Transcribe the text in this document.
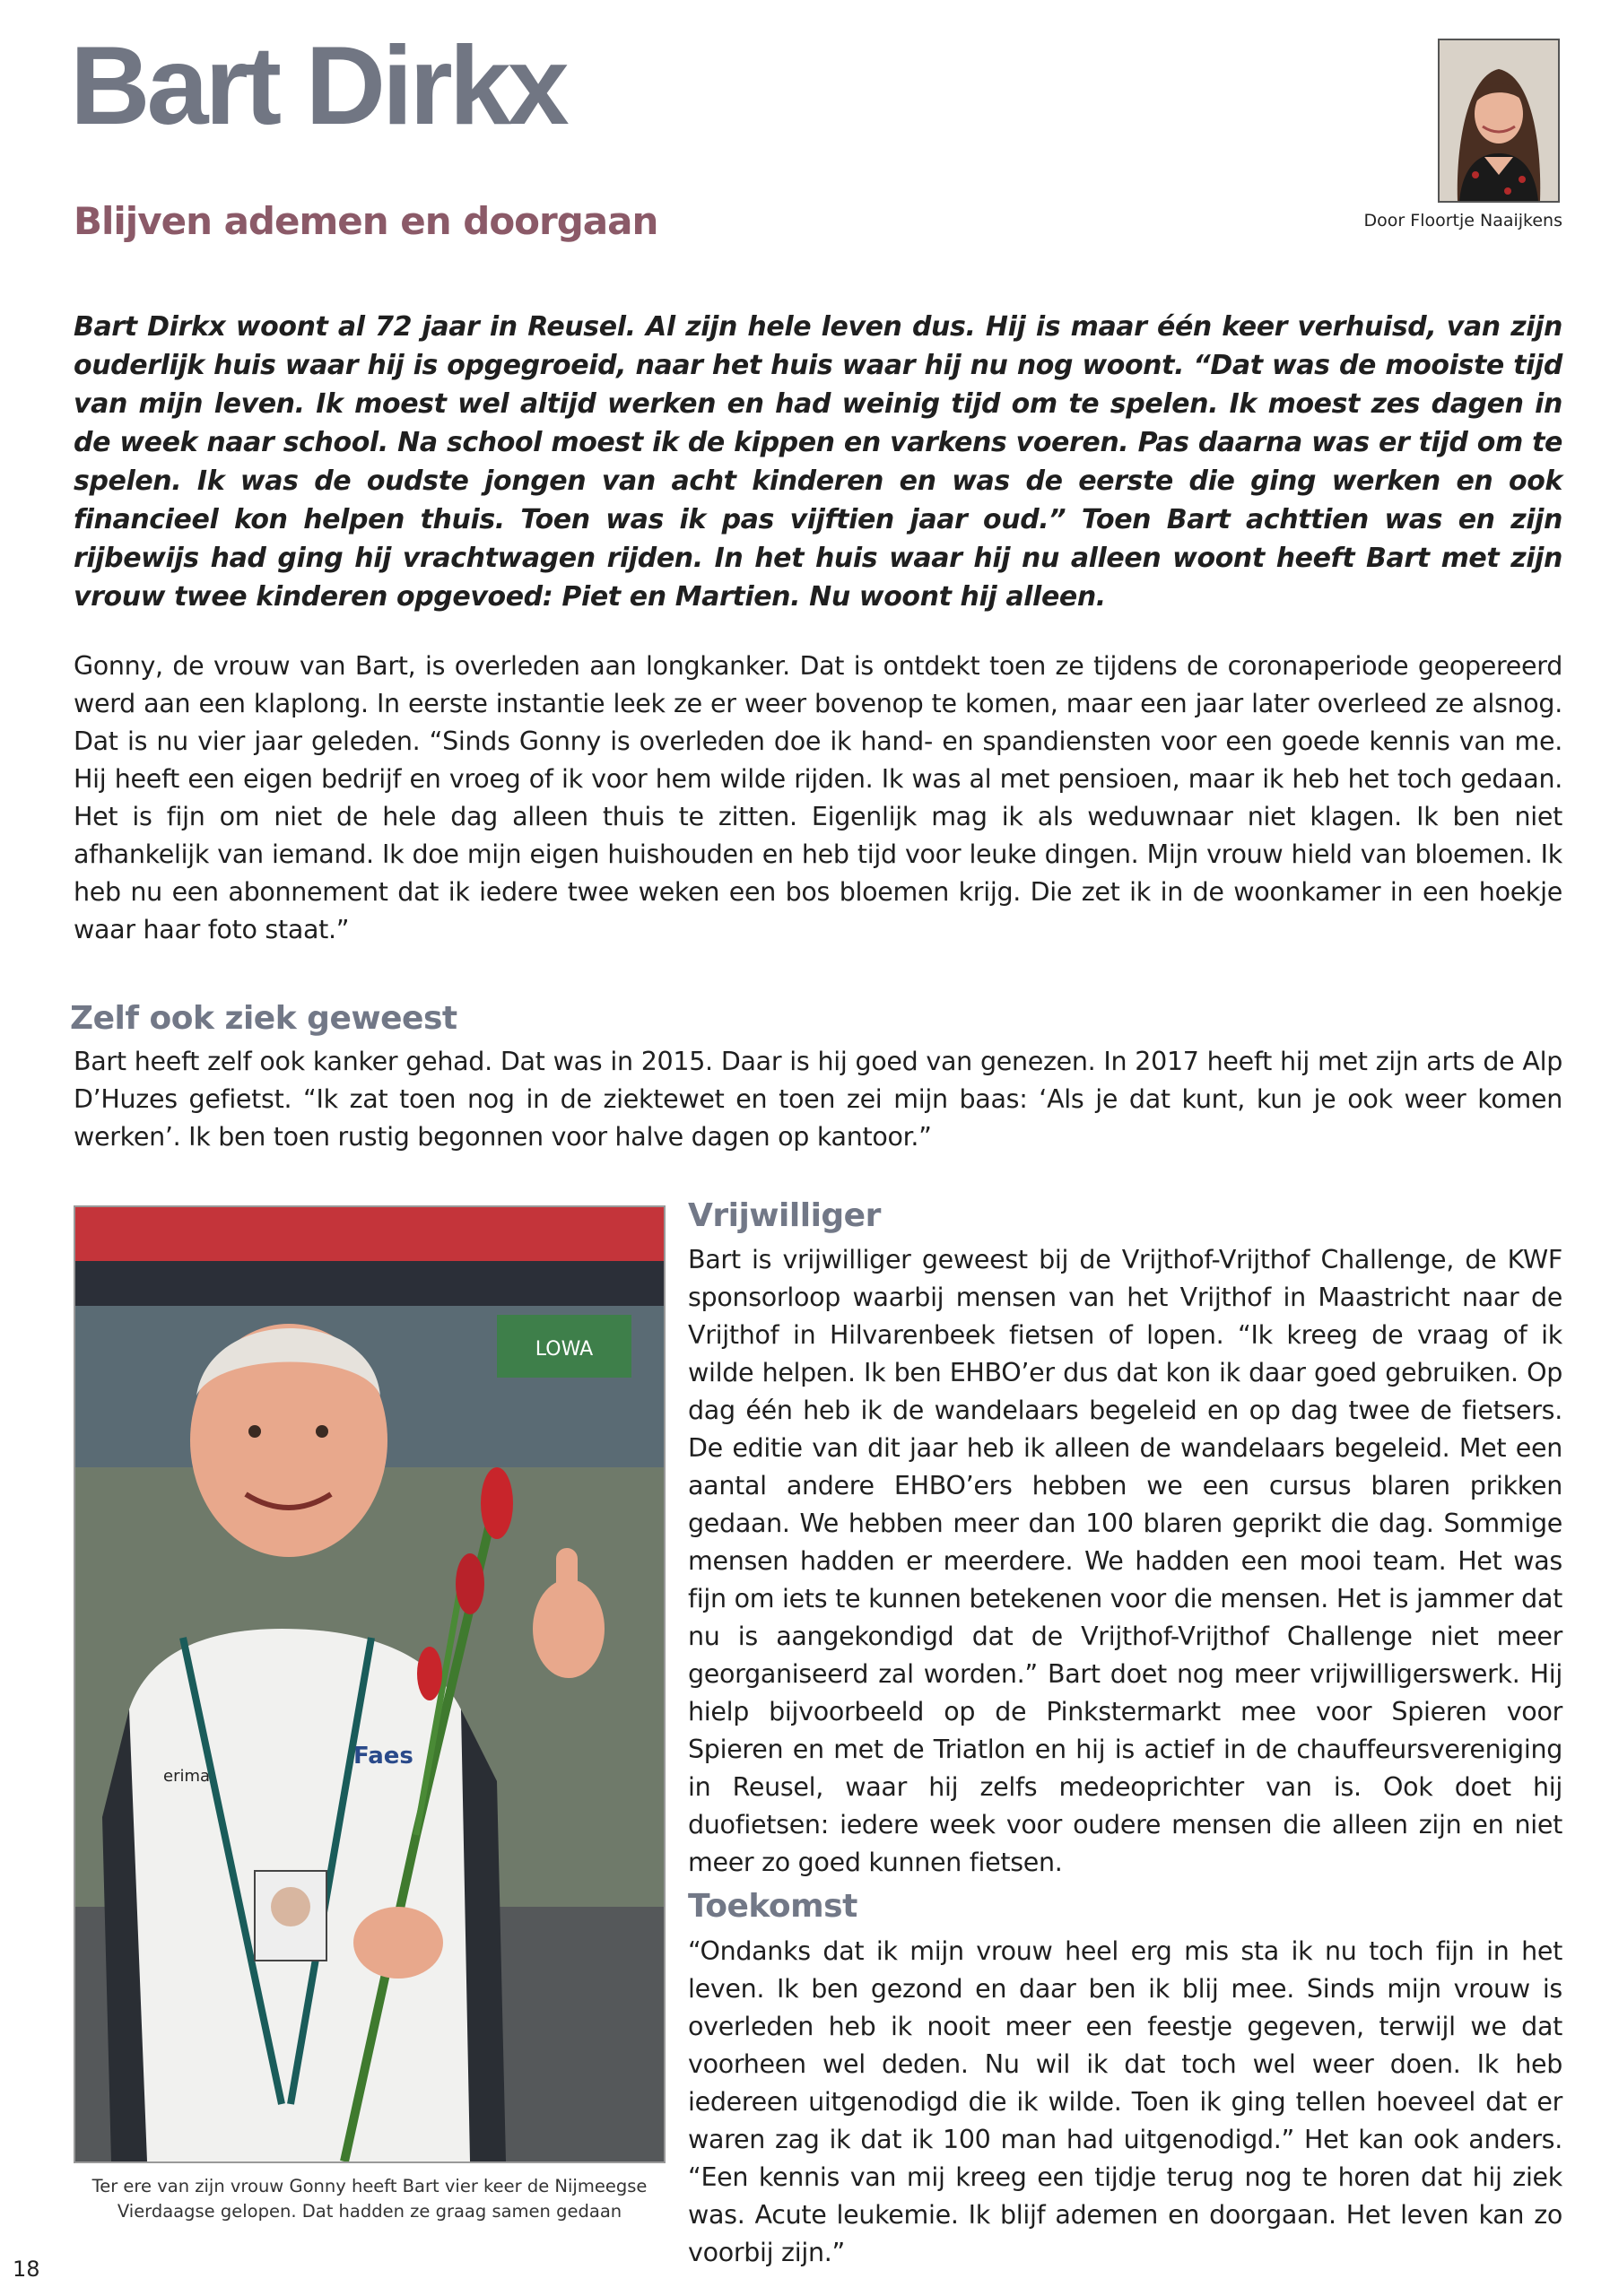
Bart Dirkx
Blijven ademen en doorgaan	Door Floortje Naaijkens

Bart Dirkx woont al 72 jaar in Reusel. Al zijn hele leven dus. Hij is maar één keer verhuisd, van zijn ouderlijk huis waar hij is opgegroeid, naar het huis waar hij nu nog woont. “Dat was de mooiste tijd van mijn leven. Ik moest wel altijd werken en had weinig tijd om te spelen. Ik moest zes dagen in de week naar school. Na school moest ik de kippen en varkens voeren. Pas daarna was er tijd om te spelen. Ik was de oudste jongen van acht kinderen en was de eerste die ging werken en ook financieel kon helpen thuis. Toen was ik pas vijftien jaar oud.” Toen Bart achttien was en zijn rijbewijs had ging hij vrachtwagen rijden. In het huis waar hij nu alleen woont heeft Bart met zijn vrouw twee kinderen opgevoed: Piet en Martien. Nu woont hij alleen.

Gonny, de vrouw van Bart, is overleden aan longkanker. Dat is ontdekt toen ze tijdens de coronaperiode geopereerd werd aan een klaplong. In eerste instantie leek ze er weer bovenop te komen, maar een jaar later overleed ze alsnog. Dat is nu vier jaar geleden. “Sinds Gonny is overleden doe ik hand- en spandiensten voor een goede kennis van me. Hij heeft een eigen bedrijf en vroeg of ik voor hem wilde rijden. Ik was al met pensioen, maar ik heb het toch gedaan. Het is fijn om niet de hele dag alleen thuis te zitten. Eigenlijk mag ik als weduwnaar niet klagen. Ik ben niet afhankelijk van iemand. Ik doe mijn eigen huishouden en heb tijd voor leuke dingen. Mijn vrouw hield van bloemen. Ik heb nu een abonnement dat ik iedere twee weken een bos bloemen krijg. Die zet ik in de woonkamer in een hoekje waar haar foto staat.”

Zelf ook ziek geweest

Bart heeft zelf ook kanker gehad. Dat was in 2015. Daar is hij goed van genezen. In 2017 heeft hij met zijn arts de Alp D’Huzes gefietst. “Ik zat toen nog in de ziektewet en toen zei mijn baas: ‘Als je dat kunt, kun je ook weer komen werken’. Ik ben toen rustig begonnen voor halve dagen op kantoor.”

LOWA
Faes
erima
Ter ere van zijn vrouw Gonny heeft Bart vier keer de Nijmeegse Vierdaagse gelopen. Dat hadden ze graag samen gedaan
Vrijwilliger

Bart is vrijwilliger geweest bij de Vrijthof-Vrijthof Challenge, de KWF sponsorloop waarbij mensen van het Vrijthof in Maastricht naar de Vrijthof in Hilvarenbeek fietsen of lopen. “Ik kreeg de vraag of ik wilde helpen. Ik ben EHBO’er dus dat kon ik daar goed gebruiken. Op dag één heb ik de wandelaars begeleid en op dag twee de fietsers. De editie van dit jaar heb ik alleen de wandelaars begeleid. Met een aantal andere EHBO’ers hebben we een cursus blaren prikken gedaan. We hebben meer dan 100 blaren geprikt die dag. Sommige mensen hadden er meerdere. We hadden een mooi team. Het was fijn om iets te kunnen betekenen voor die mensen. Het is jammer dat nu is aangekondigd dat de Vrijthof-Vrijthof Challenge niet meer georganiseerd zal worden.” Bart doet nog meer vrijwilligerswerk. Hij hielp bijvoorbeeld op de Pinkstermarkt mee voor Spieren voor Spieren en met de Triatlon en hij is actief in de chauffeursvereniging in Reusel, waar hij zelfs medeoprichter van is. Ook doet hij duofietsen: iedere week voor oudere mensen die alleen zijn en niet meer zo goed kunnen fietsen.

Toekomst

“Ondanks dat ik mijn vrouw heel erg mis sta ik nu toch fijn in het leven. Ik ben gezond en daar ben ik blij mee. Sinds mijn vrouw is overleden heb ik nooit meer een feestje gegeven, terwijl we dat voorheen wel deden. Nu wil ik dat toch wel weer doen. Ik heb iedereen uitgenodigd die ik wilde. Toen ik ging tellen hoeveel dat er waren zag ik dat ik 100 man had uitgenodigd.” Het kan ook anders. “Een kennis van mij kreeg een tijdje terug nog te horen dat hij ziek was. Acute leukemie. Ik blijf ademen en doorgaan. Het leven kan zo voorbij zijn.”

18
